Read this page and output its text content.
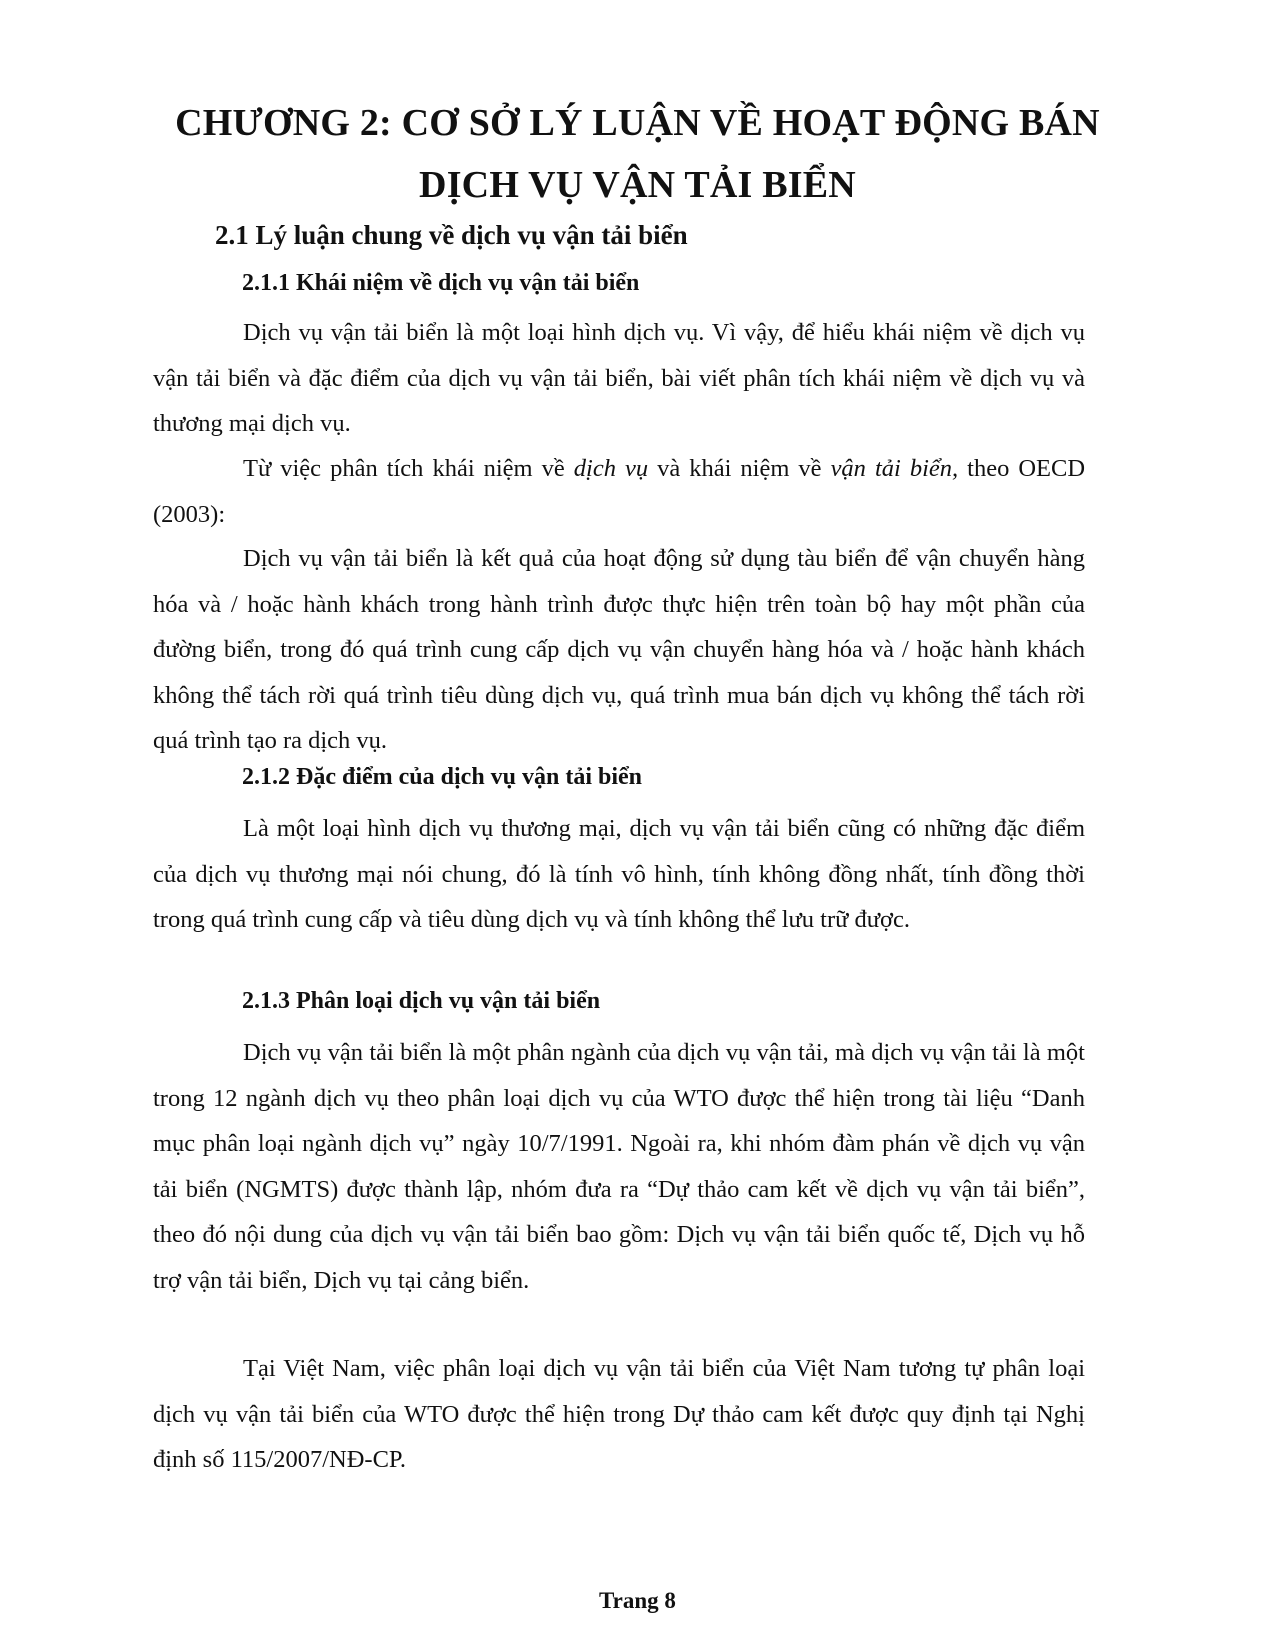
CHƯƠNG 2: CƠ SỞ LÝ LUẬN VỀ HOẠT ĐỘNG BÁN
DỊCH VỤ VẬN TẢI BIỂN
2.1 Lý luận chung về dịch vụ vận tải biển
2.1.1 Khái niệm về dịch vụ vận tải biển

Dịch vụ vận tải biển là một loại hình dịch vụ. Vì vậy, để hiểu khái niệm về dịch vụ vận tải biển và đặc điểm của dịch vụ vận tải biển, bài viết phân tích khái niệm về dịch vụ và thương mại dịch vụ.

Từ việc phân tích khái niệm về dịch vụ và khái niệm về vận tải biển, theo OECD (2003):

Dịch vụ vận tải biển là kết quả của hoạt động sử dụng tàu biển để vận chuyển hàng hóa và / hoặc hành khách trong hành trình được thực hiện trên toàn bộ hay một phần của đường biển, trong đó quá trình cung cấp dịch vụ vận chuyển hàng hóa và / hoặc hành khách không thể tách rời quá trình tiêu dùng dịch vụ, quá trình mua bán dịch vụ không thể tách rời quá trình tạo ra dịch vụ.

2.1.2 Đặc điểm của dịch vụ vận tải biển

Là một loại hình dịch vụ thương mại, dịch vụ vận tải biển cũng có những đặc điểm của dịch vụ thương mại nói chung, đó là tính vô hình, tính không đồng nhất, tính đồng thời trong quá trình cung cấp và tiêu dùng dịch vụ và tính không thể lưu trữ được.

2.1.3 Phân loại dịch vụ vận tải biển

Dịch vụ vận tải biển là một phân ngành của dịch vụ vận tải, mà dịch vụ vận tải là một trong 12 ngành dịch vụ theo phân loại dịch vụ của WTO được thể hiện trong tài liệu “Danh mục phân loại ngành dịch vụ” ngày 10/7/1991. Ngoài ra, khi nhóm đàm phán về dịch vụ vận tải biển (NGMTS) được thành lập, nhóm đưa ra “Dự thảo cam kết về dịch vụ vận tải biển”, theo đó nội dung của dịch vụ vận tải biển bao gồm: Dịch vụ vận tải biển quốc tế, Dịch vụ hỗ trợ vận tải biển, Dịch vụ tại cảng biển.

Tại Việt Nam, việc phân loại dịch vụ vận tải biển của Việt Nam tương tự phân loại dịch vụ vận tải biển của WTO được thể hiện trong Dự thảo cam kết được quy định tại Nghị định số 115/2007/NĐ-CP.

Trang 8
